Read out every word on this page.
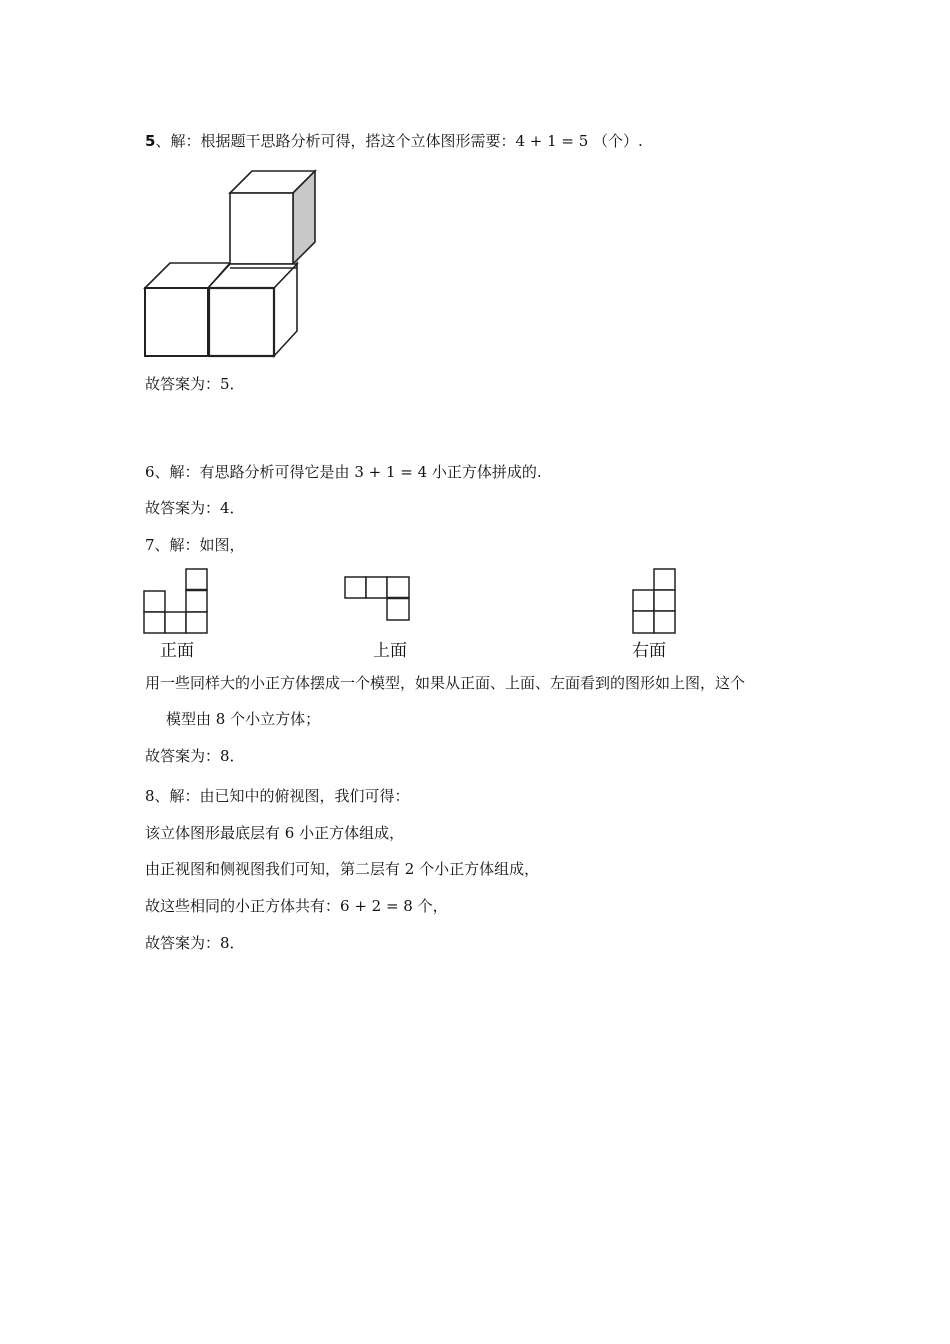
5、解：根据题干思路分析可得，搭这个立体图形需要：4 + 1 = 5 （个）.
故答案为：5．
6、解：有思路分析可得它是由 3 + 1 = 4 小正方体拼成的.
故答案为：4．
7、解：如图，
正面	上面	右面
用一些同样大的小正方体摆成一个模型，如果从正面、上面、左面看到的图形如上图，这个
模型由 8 个小立方体；
故答案为：8．
8、解：由已知中的俯视图，我们可得：
该立体图形最底层有 6 小正方体组成，
由正视图和侧视图我们可知，第二层有 2 个小正方体组成，
故这些相同的小正方体共有：6 + 2 = 8 个，
故答案为：8．
